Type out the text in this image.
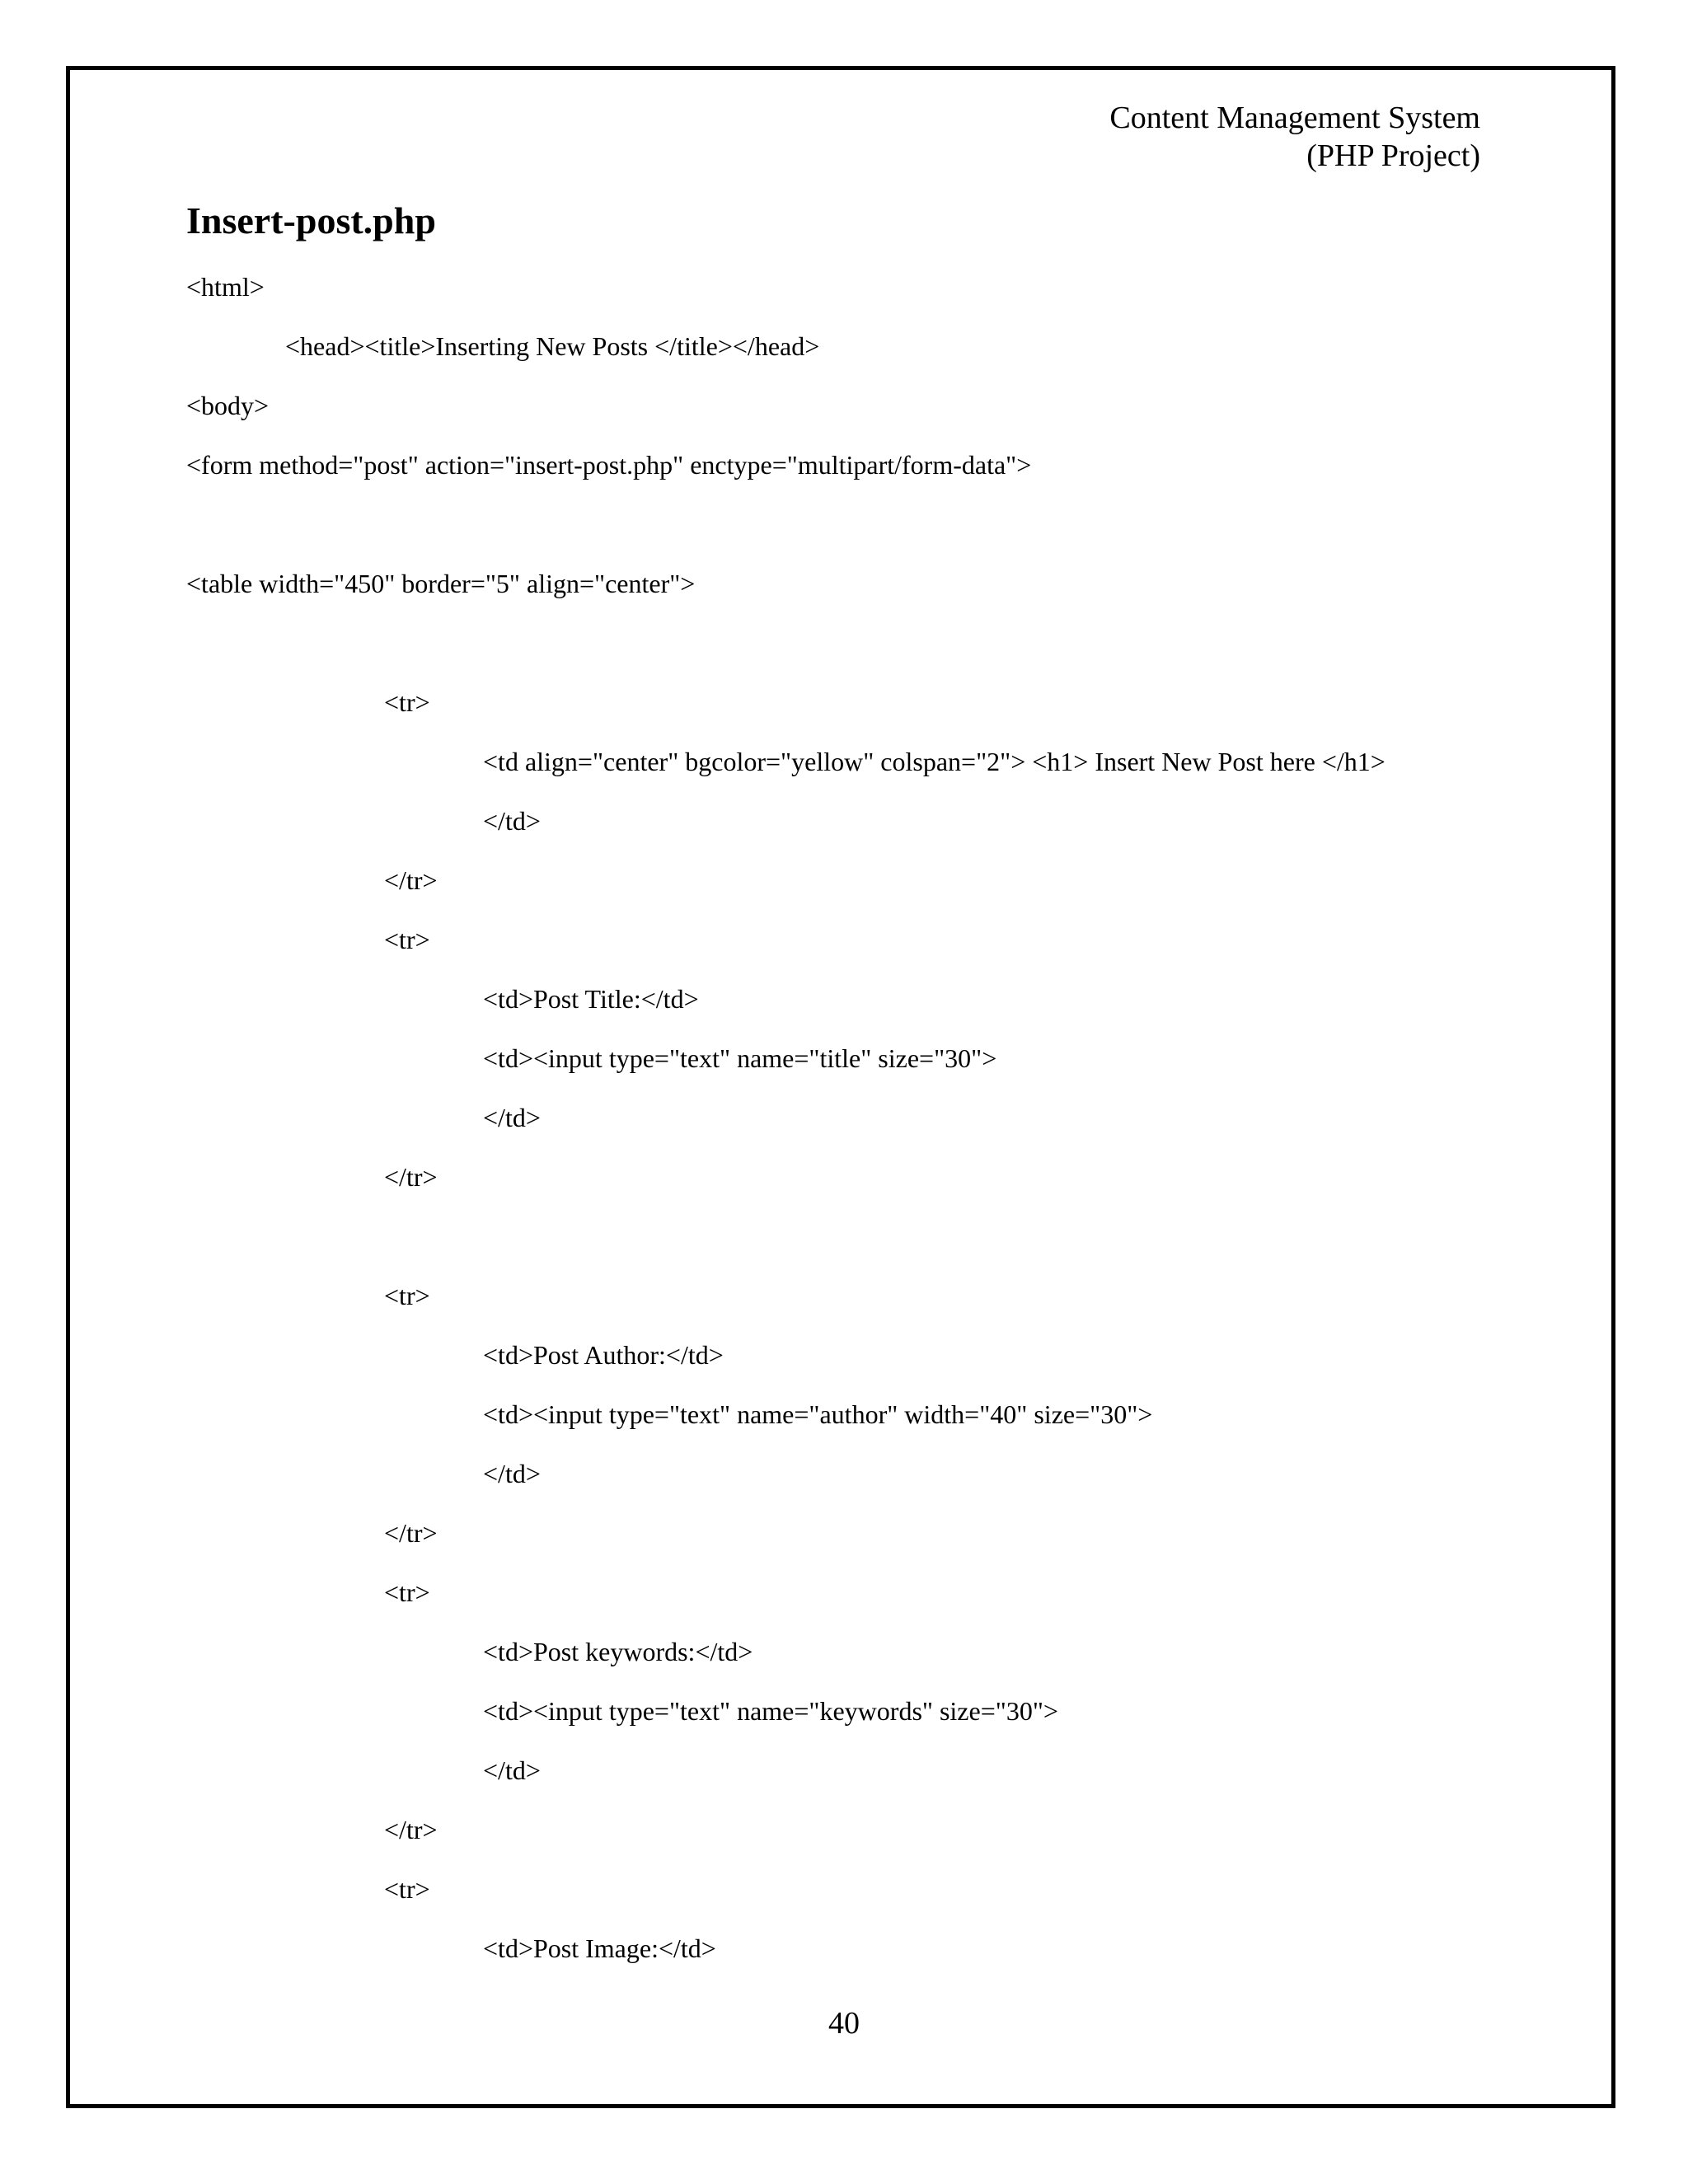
Content Management System
(PHP Project)
Insert-post.php
<html>
<head><title>Inserting New Posts </title></head>
<body>
<form method="post" action="insert-post.php" enctype="multipart/form-data">
<table width="450" border="5" align="center">
<tr>
<td align="center" bgcolor="yellow" colspan="2"> <h1> Insert New Post here </h1>
</td>
</tr>
<tr>
<td>Post Title:</td>
<td><input type="text" name="title" size="30">
</td>
</tr>
<tr>
<td>Post Author:</td>
<td><input type="text" name="author" width="40" size="30">
</td>
</tr>
<tr>
<td>Post keywords:</td>
<td><input type="text" name="keywords" size="30">
</td>
</tr>
<tr>
<td>Post Image:</td>
40
